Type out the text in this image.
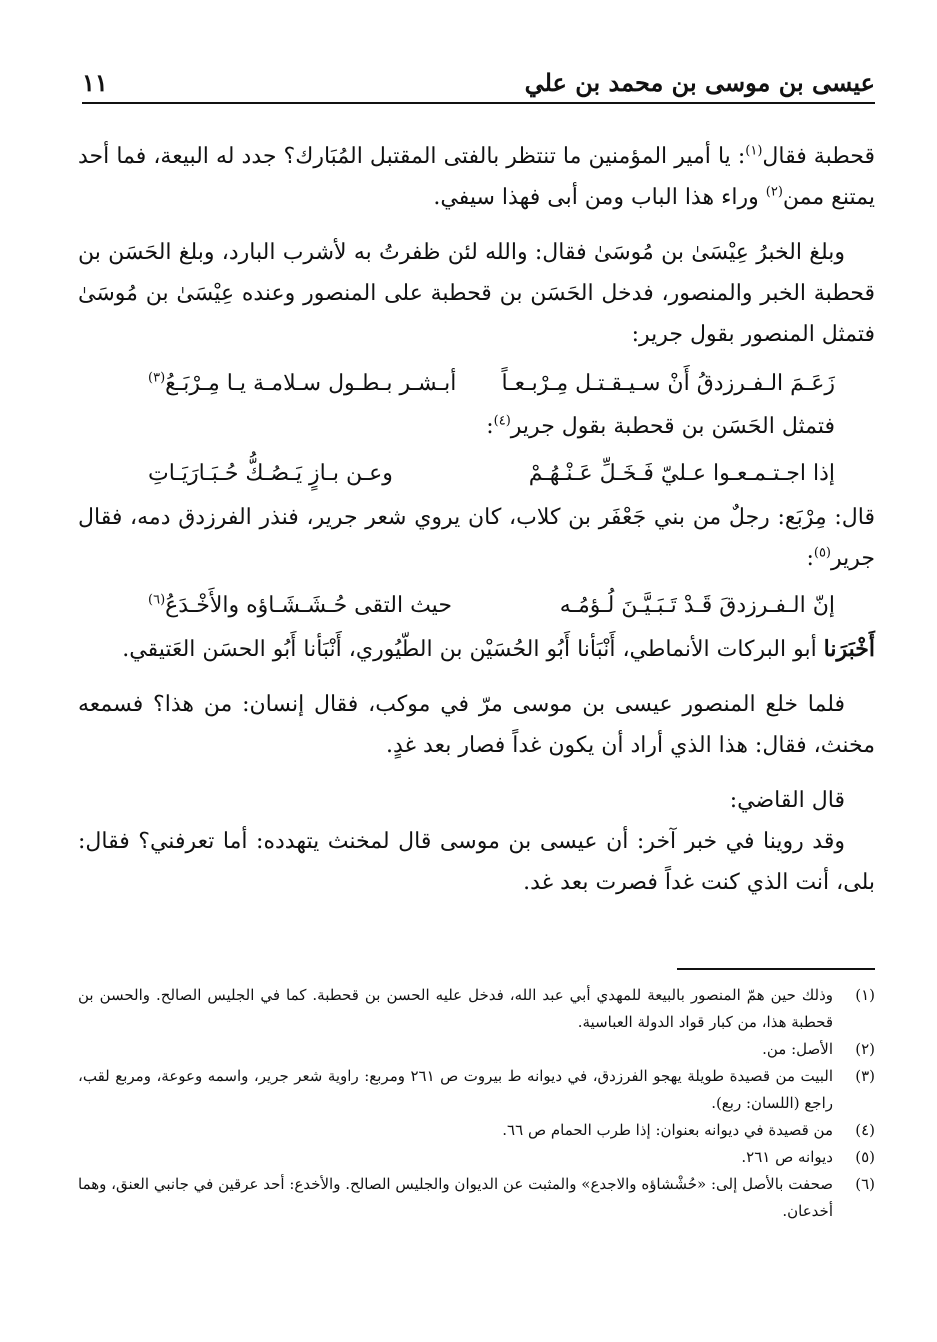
عيسى بن موسى بن محمد بن علي
١١

قحطبة فقال$^{(١)}$: يا أمير المؤمنين ما تنتظر بالفتى المقتبل المُبَارك؟ جدد له البيعة، فما أحد يمتنع ممن$^{(٢)}$ وراء هذا الباب ومن أبى فهذا سيفي.

وبلغ الخبرُ عِيْسَىٰ بن مُوسَىٰ فقال: والله لئن ظفرتُ به لأشرب البارد، وبلغ الحَسَن بن قحطبة الخبر والمنصور، فدخل الحَسَن بن قحطبة على المنصور وعنده عِيْسَىٰ بن مُوسَىٰ فتمثل المنصور بقول جرير:

زَعَـمَ الـفـرزدقُ أَنْ سـيـقـتـل مِـرْبـعـاً
أبـشـر بـطـول سـلامـة يـا مِـرْبَـعُ$^{(٣)}$

فتمثل الحَسَن بن قحطبة بقول جرير$^{(٤)}$:

إذا اجـتـمـعـوا عـليّ فَـخَـلِّ عَـنْـهُـمْ
وعـن بـازٍ يَـصُـكُّ حُـبَـارَيَـاتِ

قال: مِرْبَع: رجلٌ من بني جَعْفَر بن كلاب، كان يروي شعر جرير، فنذر الفرزدق دمه، فقال جرير$^{(٥)}$:

إنّ الـفـرزدقَ قَـدْ تَـبَـيَّـنَ لُـؤمُـه
حيث التقى حُـشَـشَـاؤه والأَخْـدَعُ$^{(٦)}$

أَخْبَرَنا أبو البركات الأنماطي، أَنْبَأنا أَبُو الحُسَيْن بن الطّيُوري، أَنْبَأنا أَبُو الحسَن العَتيقي.

فلما خلع المنصور عيسى بن موسى مرّ في موكب، فقال إنسان: من هذا؟ فسمعه مخنث، فقال: هذا الذي أراد أن يكون غداً فصار بعد غدٍ.

قال القاضي:

وقد روينا في خبر آخر: أن عيسى بن موسى قال لمخنث يتهدده: أما تعرفني؟ فقال: بلى، أنت الذي كنت غداً فصرت بعد غد.

(١)
وذلك حين همّ المنصور بالبيعة للمهدي أبي عبد الله، فدخل عليه الحسن بن قحطبة. كما في الجليس الصالح. والحسن بن قحطبة هذا، من كبار قواد الدولة العباسية.
(٢)
الأصل: من.
(٣)
البيت من قصيدة طويلة يهجو الفرزدق، في ديوانه ط بيروت ص ٢٦١ ومربع: راوية شعر جرير، واسمه وعوعة، ومربع لقب، راجع (اللسان: ربع).
(٤)
من قصيدة في ديوانه بعنوان: إذا طرب الحمام ص ٦٦.
(٥)
ديوانه ص ٢٦١.
(٦)
صحفت بالأصل إلى: «حُشْشاؤه والاجدع» والمثبت عن الديوان والجليس الصالح. والأخدع: أحد عرقين في جانبي العنق، وهما أخدعان.
